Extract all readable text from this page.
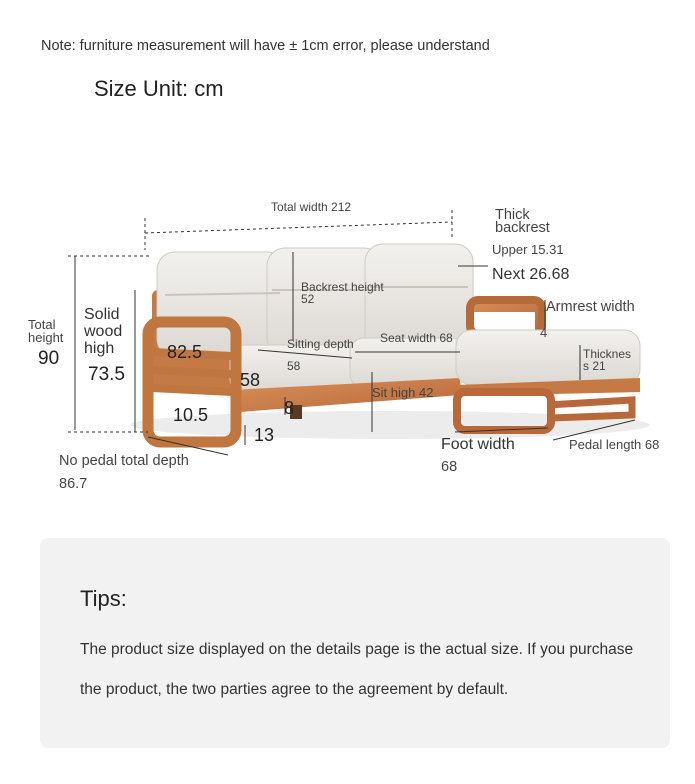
Note: furniture measurement will have ± 1cm error, please understand
Size Unit: cm
Total width 212	Thick
backrest
Upper 15.31
Next 26.68
Backrest height
52	Armrest width
4
Total
height
90
Solid
wood
high
73.5
82.5	Sitting depth
58
Seat width 68
Thicknes
s 21
58
Sit high 42
10.5	8
13
No pedal total depth
86.7
Foot width
68
Pedal length 68
Tips:
The product size displayed on the details page is the actual size. If you purchase the product, the two parties agree to the agreement by default.
